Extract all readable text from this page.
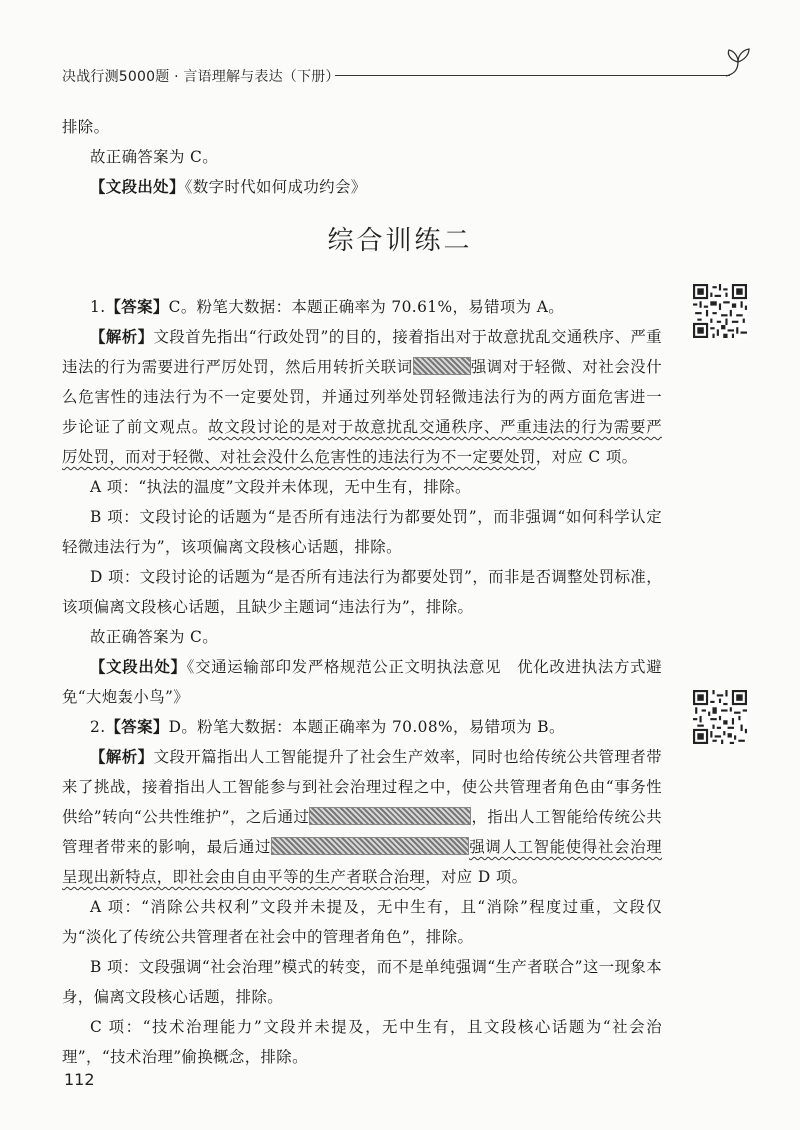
决战行测5000题 · 言语理解与表达（下册）
综合训练二

排除。

故正确答案为 C。

【文段出处】《数字时代如何成功约会》

1.【答案】C。粉笔大数据：本题正确率为 70.61%，易错项为 A。

【解析】文段首先指出“行政处罚”的目的，接着指出对于故意扰乱交通秩序、严重违法的行为需要进行严厉处罚，然后用转折关联词	强调对于轻微、对社会没什么危害性的违法行为不一定要处罚，并通过列举处罚轻微违法行为的两方面危害进一步论证了前文观点。故文段讨论的是对于故意扰乱交通秩序、严重违法的行为需要严厉处罚，而对于轻微、对社会没什么危害性的违法行为不一定要处罚，对应 C 项。

A 项：“执法的温度”文段并未体现，无中生有，排除。

B 项：文段讨论的话题为“是否所有违法行为都要处罚”，而非强调“如何科学认定轻微违法行为”，该项偏离文段核心话题，排除。

D 项：文段讨论的话题为“是否所有违法行为都要处罚”，而非是否调整处罚标准，该项偏离文段核心话题，且缺少主题词“违法行为”，排除。

故正确答案为 C。

【文段出处】《交通运输部印发严格规范公正文明执法意见　优化改进执法方式避免“大炮轰小鸟”》

2.【答案】D。粉笔大数据：本题正确率为 70.08%，易错项为 B。

【解析】文段开篇指出人工智能提升了社会生产效率，同时也给传统公共管理者带来了挑战，接着指出人工智能参与到社会治理过程之中，使公共管理者角色由“事务性供给”转向“公共性维护”，之后通过	，指出人工智能给传统公共管理者带来的影响，最后通过	强调人工智能使得社会治理呈现出新特点，即社会由自由平等的生产者联合治理，对应 D 项。

A 项：“消除公共权利”文段并未提及，无中生有，且“消除”程度过重，文段仅为“淡化了传统公共管理者在社会中的管理者角色”，排除。

B 项：文段强调“社会治理”模式的转变，而不是单纯强调“生产者联合”这一现象本身，偏离文段核心话题，排除。

C 项：“技术治理能力”文段并未提及，无中生有，且文段核心话题为“社会治理”，“技术治理”偷换概念，排除。

112
